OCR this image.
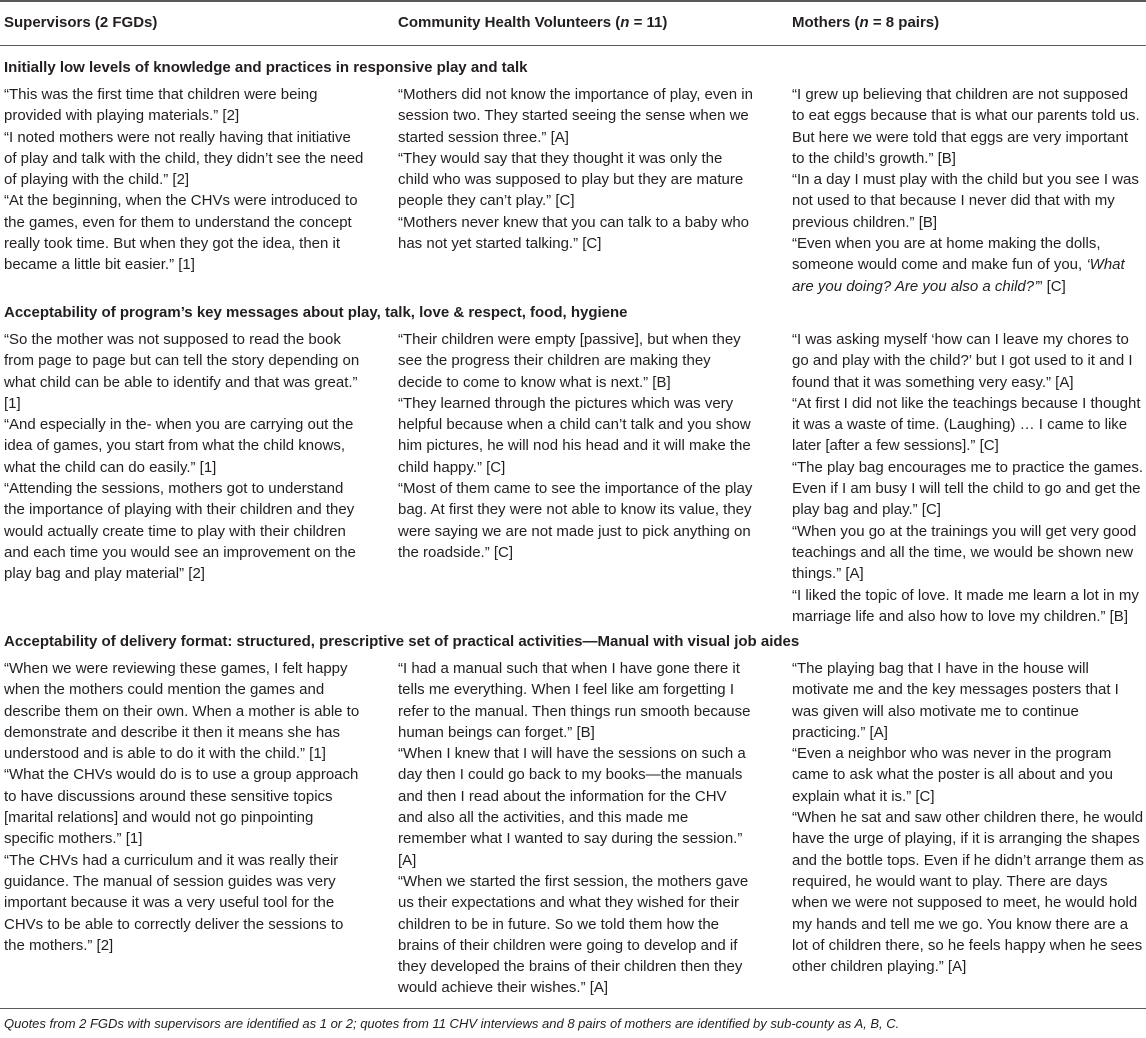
Supervisors (2 FGDs)	Community Health Volunteers (n = 11)	Mothers (n = 8 pairs)
Initially low levels of knowledge and practices in responsive play and talk
“This was the first time that children were being provided with playing materials.” [2]
“I noted mothers were not really having that initiative of play and talk with the child, they didn’t see the need of playing with the child.” [2]
“At the beginning, when the CHVs were introduced to the games, even for them to understand the concept really took time. But when they got the idea, then it became a little bit easier.” [1]
“Mothers did not know the importance of play, even in session two. They started seeing the sense when we started session three.” [A]
“They would say that they thought it was only the child who was supposed to play but they are mature people they can’t play.” [C]
“Mothers never knew that you can talk to a baby who has not yet started talking.” [C]
“I grew up believing that children are not supposed to eat eggs because that is what our parents told us. But here we were told that eggs are very important to the child’s growth.” [B]
“In a day I must play with the child but you see I was not used to that because I never did that with my previous children.” [B]
“Even when you are at home making the dolls, someone would come and make fun of you, ‘What are you doing? Are you also a child?’” [C]
Acceptability of program’s key messages about play, talk, love & respect, food, hygiene
“So the mother was not supposed to read the book from page to page but can tell the story depending on what child can be able to identify and that was great.” [1]
“And especially in the- when you are carrying out the idea of games, you start from what the child knows, what the child can do easily.” [1]
“Attending the sessions, mothers got to understand the importance of playing with their children and they would actually create time to play with their children and each time you would see an improvement on the play bag and play material” [2]
“Their children were empty [passive], but when they see the progress their children are making they decide to come to know what is next.” [B]
“They learned through the pictures which was very helpful because when a child can’t talk and you show him pictures, he will nod his head and it will make the child happy.” [C]
“Most of them came to see the importance of the play bag. At first they were not able to know its value, they were saying we are not made just to pick anything on the roadside.” [C]
“I was asking myself ‘how can I leave my chores to go and play with the child?’ but I got used to it and I found that it was something very easy.” [A]
“At first I did not like the teachings because I thought it was a waste of time. (Laughing) … I came to like later [after a few sessions].” [C]
“The play bag encourages me to practice the games. Even if I am busy I will tell the child to go and get the play bag and play.” [C]
“When you go at the trainings you will get very good teachings and all the time, we would be shown new things.” [A]
“I liked the topic of love. It made me learn a lot in my marriage life and also how to love my children.” [B]
Acceptability of delivery format: structured, prescriptive set of practical activities—Manual with visual job aides
“When we were reviewing these games, I felt happy when the mothers could mention the games and describe them on their own. When a mother is able to demonstrate and describe it then it means she has understood and is able to do it with the child.” [1]
“What the CHVs would do is to use a group approach to have discussions around these sensitive topics [marital relations] and would not go pinpointing specific mothers.” [1]
“The CHVs had a curriculum and it was really their guidance. The manual of session guides was very important because it was a very useful tool for the CHVs to be able to correctly deliver the sessions to the mothers.” [2]
“I had a manual such that when I have gone there it tells me everything. When I feel like am forgetting I refer to the manual. Then things run smooth because human beings can forget.” [B]
“When I knew that I will have the sessions on such a day then I could go back to my books—the manuals and then I read about the information for the CHV and also all the activities, and this made me remember what I wanted to say during the session.” [A]
“When we started the first session, the mothers gave us their expectations and what they wished for their children to be in future. So we told them how the brains of their children were going to develop and if they developed the brains of their children then they would achieve their wishes.” [A]
“The playing bag that I have in the house will motivate me and the key messages posters that I was given will also motivate me to continue practicing.” [A]
“Even a neighbor who was never in the program came to ask what the poster is all about and you explain what it is.” [C]
“When he sat and saw other children there, he would have the urge of playing, if it is arranging the shapes and the bottle tops. Even if he didn’t arrange them as required, he would want to play. There are days when we were not supposed to meet, he would hold my hands and tell me we go. You know there are a lot of children there, so he feels happy when he sees other children playing.” [A]
Quotes from 2 FGDs with supervisors are identified as 1 or 2; quotes from 11 CHV interviews and 8 pairs of mothers are identified by sub-county as A, B, C.
